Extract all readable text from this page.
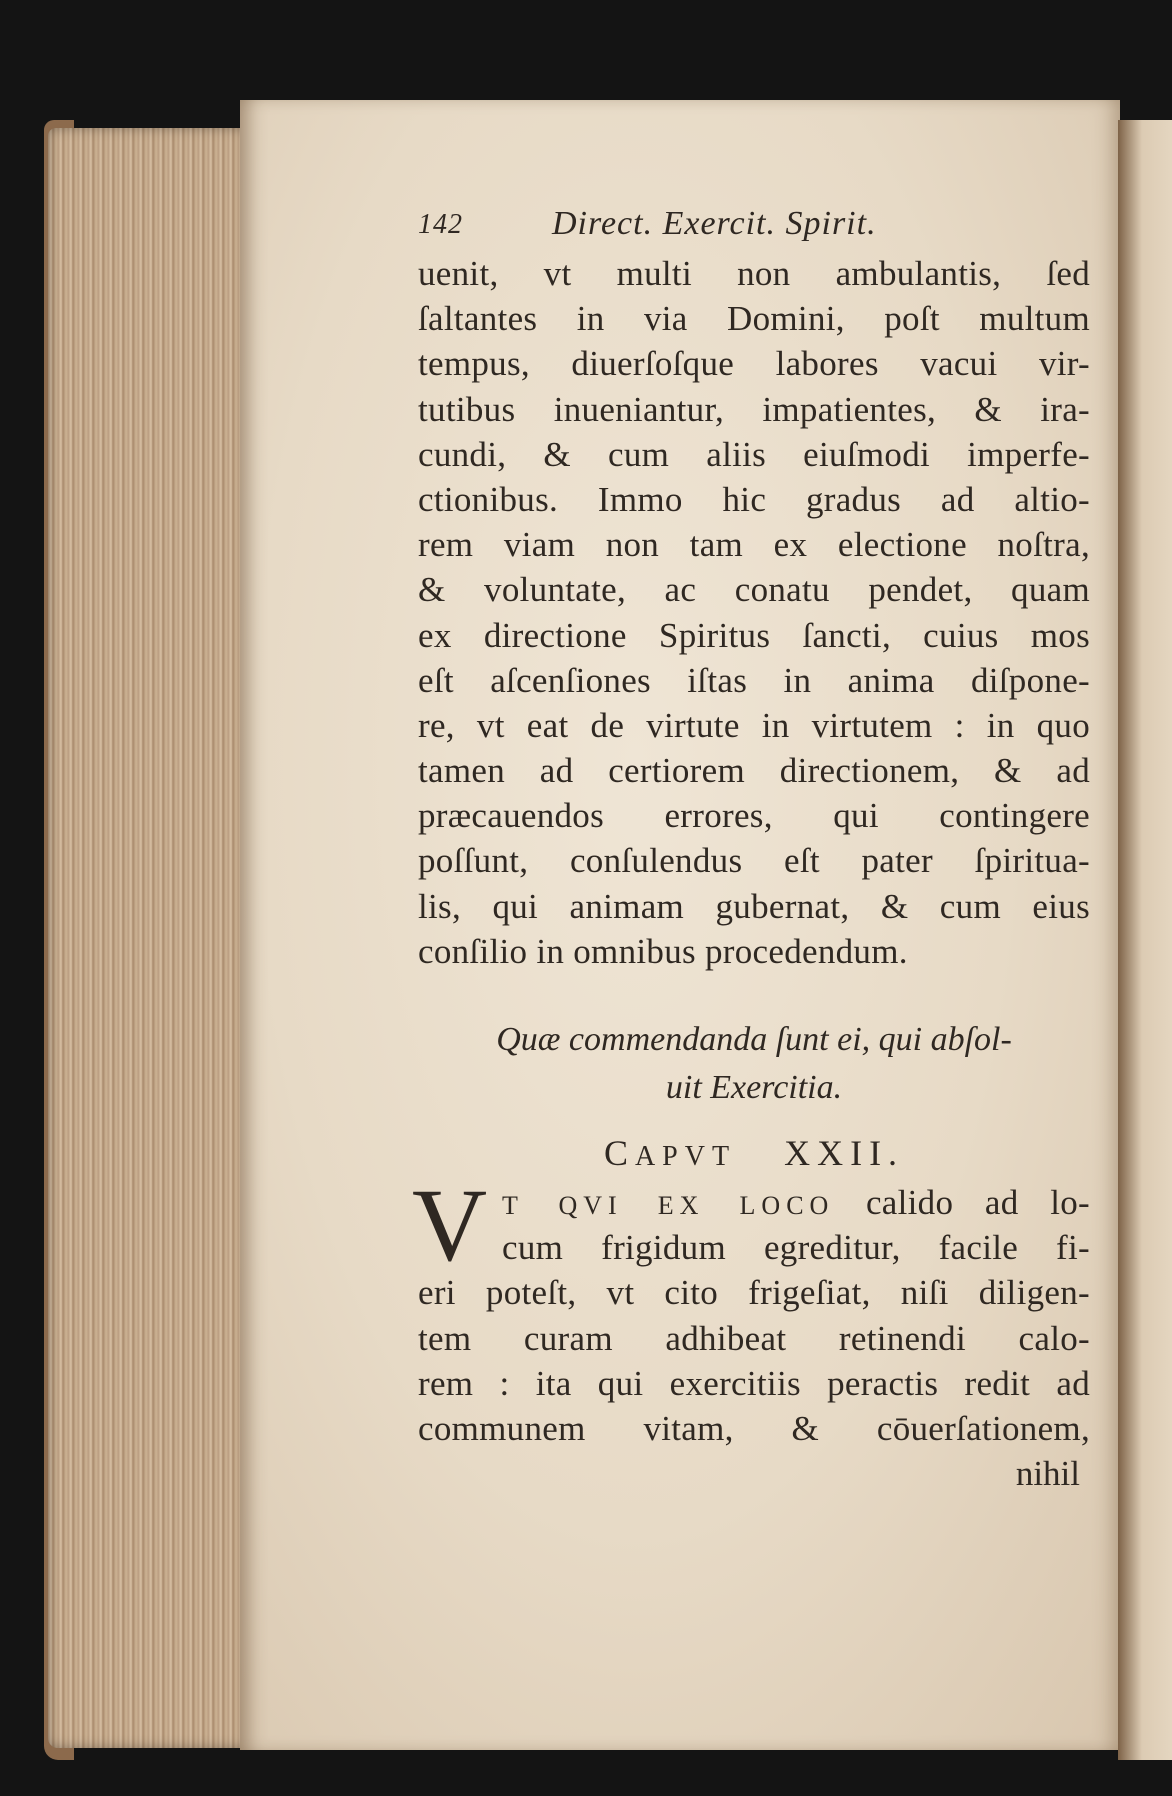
142	Direct. Exercit. Spirit.
uenit, vt multi non ambulantis, ſed
ſaltantes in via Domini, poſt multum
tempus, diuerſoſque labores vacui vir-
tutibus inueniantur, impatientes, & ira-
cundi, & cum aliis eiuſmodi imperfe-
ctionibus. Immo hic gradus ad altio-
rem viam non tam ex electione noſtra,
& voluntate, ac conatu pendet, quam
ex directione Spiritus ſancti, cuius mos
eſt aſcenſiones iſtas in anima diſpone-
re, vt eat de virtute in virtutem : in quo
tamen ad certiorem directionem, & ad
præcauendos errores, qui contingere
poſſunt, conſulendus eſt pater ſpiritua-
lis, qui animam gubernat, & cum eius
conſilio in omnibus procedendum.
Quæ commendanda ſunt ei, qui abſol-
uit Exercitia.
CAPVT XXII.
V T QVI EX LOCO calido ad lo-
cum frigidum egreditur, facile fi-
eri poteſt, vt cito frigeſiat, niſi diligen-
tem curam adhibeat retinendi calo-
rem : ita qui exercitiis peractis redit ad
communem vitam, & cōuerſationem,
nihil
